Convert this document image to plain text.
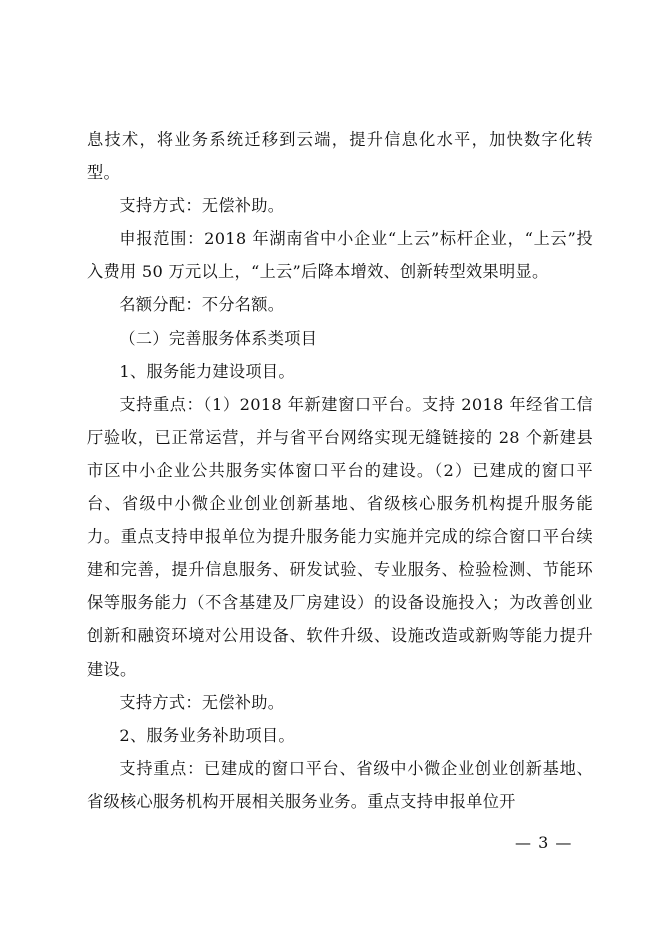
息技术，将业务系统迁移到云端，提升信息化水平，加快数字化转型。

支持方式：无偿补助。

申报范围：2018 年湖南省中小企业“上云”标杆企业，“上云”投入费用 50 万元以上，“上云”后降本增效、创新转型效果明显。

名额分配：不分名额。

（二）完善服务体系类项目

1、服务能力建设项目。

支持重点：（1）2018 年新建窗口平台。支持 2018 年经省工信厅验收，已正常运营，并与省平台网络实现无缝链接的 28 个新建县市区中小企业公共服务实体窗口平台的建设。（2）已建成的窗口平台、省级中小微企业创业创新基地、省级核心服务机构提升服务能力。重点支持申报单位为提升服务能力实施并完成的综合窗口平台续建和完善，提升信息服务、研发试验、专业服务、检验检测、节能环保等服务能力（不含基建及厂房建设）的设备设施投入；为改善创业创新和融资环境对公用设备、软件升级、设施改造或新购等能力提升建设。

支持方式：无偿补助。

2、服务业务补助项目。

支持重点：已建成的窗口平台、省级中小微企业创业创新基地、省级核心服务机构开展相关服务业务。重点支持申报单位开

— 3 —
